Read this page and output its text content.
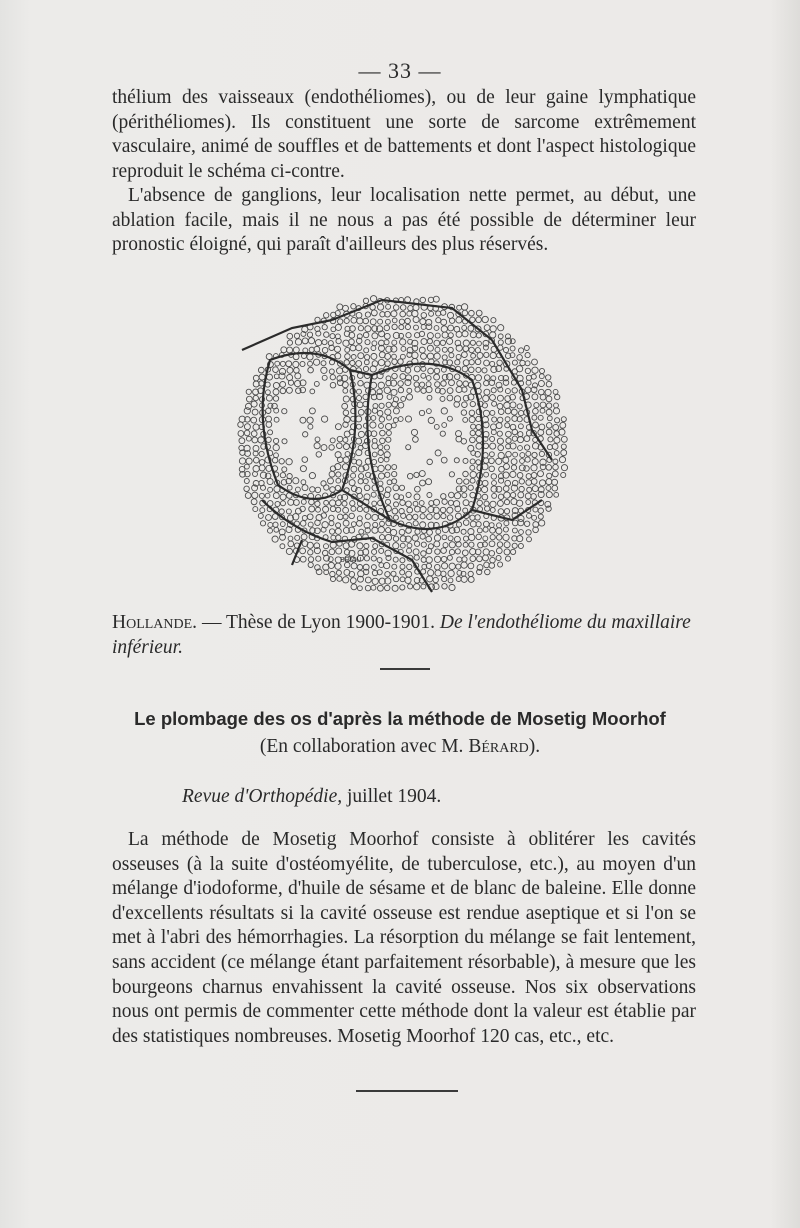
— 33 —

thélium des vaisseaux (endothéliomes), ou de leur gaine lymphatique (périthéliomes). Ils constituent une sorte de sarcome extrêmement vasculaire, animé de souffles et de battements et dont l'aspect histologique reproduit le schéma ci-contre.

L'absence de ganglions, leur localisation nette permet, au début, une ablation facile, mais il ne nous a pas été possible de déterminer leur pronostic éloigné, qui paraît d'ailleurs des plus réservés.

BRIAU
Hollande. — Thèse de Lyon 1900-1901. De l'endothéliome du maxillaire inférieur.
Le plombage des os d'après la méthode de Mosetig Moorhof
(En collaboration avec M. Bérard).
Revue d'Orthopédie, juillet 1904.

La méthode de Mosetig Moorhof consiste à oblitérer les cavités osseuses (à la suite d'ostéomyélite, de tuberculose, etc.), au moyen d'un mélange d'iodoforme, d'huile de sésame et de blanc de baleine. Elle donne d'excellents résultats si la cavité osseuse est rendue aseptique et si l'on se met à l'abri des hémorrhagies. La résorption du mélange se fait lentement, sans accident (ce mélange étant parfaitement résorbable), à mesure que les bourgeons charnus envahissent la cavité osseuse. Nos six observations nous ont permis de commenter cette méthode dont la valeur est établie par des statistiques nombreuses. Mosetig Moorhof 120 cas, etc., etc.
